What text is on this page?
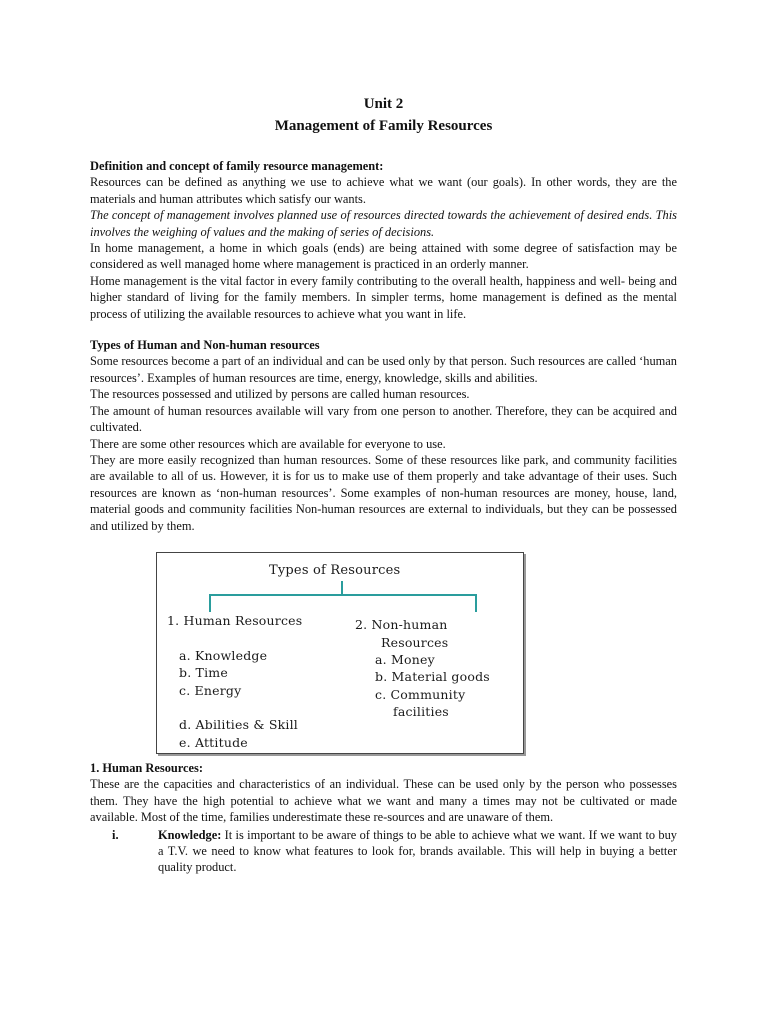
Unit 2

Management of Family Resources

Definition and concept of family resource management:

Resources can be defined as anything we use to achieve what we want (our goals). In other words, they are the materials and human attributes which satisfy our wants.

The concept of management involves planned use of resources directed towards the achievement of desired ends. This involves the weighing of values and the making of series of decisions.

In home management, a home in which goals (ends) are being attained with some degree of satisfaction may be considered as well managed home where management is practiced in an orderly manner.

Home management is the vital factor in every family contributing to the overall health, happiness and well- being and higher standard of living for the family members. In simpler terms, home management is defined as the mental process of utilizing the available resources to achieve what you want in life.

Types of Human and Non-human resources

Some resources become a part of an individual and can be used only by that person. Such resources are called ‘human resources’. Examples of human resources are time, energy, knowledge, skills and abilities.

The resources possessed and utilized by persons are called human resources.

The amount of human resources available will vary from one person to another. Therefore, they can be acquired and cultivated.

There are some other resources which are available for everyone to use.

They are more easily recognized than human resources. Some of these resources like park, and community facilities are available to all of us. However, it is for us to make use of them properly and take advantage of their uses. Such resources are known as ‘non-human resources’. Some examples of non-human resources are money, house, land, material goods and community facilities Non-human resources are external to individuals, but they can be possessed and utilized by them.

Types of Resources
1. Human Resources
a. Knowledge
b. Time
c. Energy
d. Abilities & Skill
e. Attitude
2. Non-human
Resources
a. Money
b. Material goods
c. Community
facilities

1. Human Resources:

These are the capacities and characteristics of an individual. These can be used only by the person who possesses them. They have the high potential to achieve what we want and many a times may not be cultivated or made available. Most of the time, families underestimate these re-sources and are unaware of them.

i.	Knowledge: It is important to be aware of things to be able to achieve what we want. If we want to buy a T.V. we need to know what features to look for, brands available. This will help in buying a better quality product.
